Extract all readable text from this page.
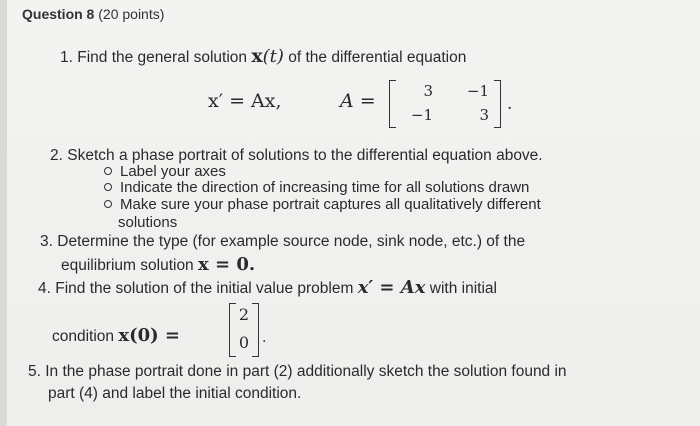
Question 8 (20 points)
1. Find the general solution x(t) of the differential equation
x′ = Ax,	A =	3	−1
−1	3
.
2. Sketch a phase portrait of solutions to the differential equation above.
Label your axes
Indicate the direction of increasing time for all solutions drawn
Make sure your phase portrait captures all qualitatively different
solutions
3. Determine the type (for example source node, sink node, etc.) of the
equilibrium solution x = 0.
4. Find the solution of the initial value problem x′ = Ax with initial
condition x(0) =
2
0 .
5. In the phase portrait done in part (2) additionally sketch the solution found in
part (4) and label the initial condition.
